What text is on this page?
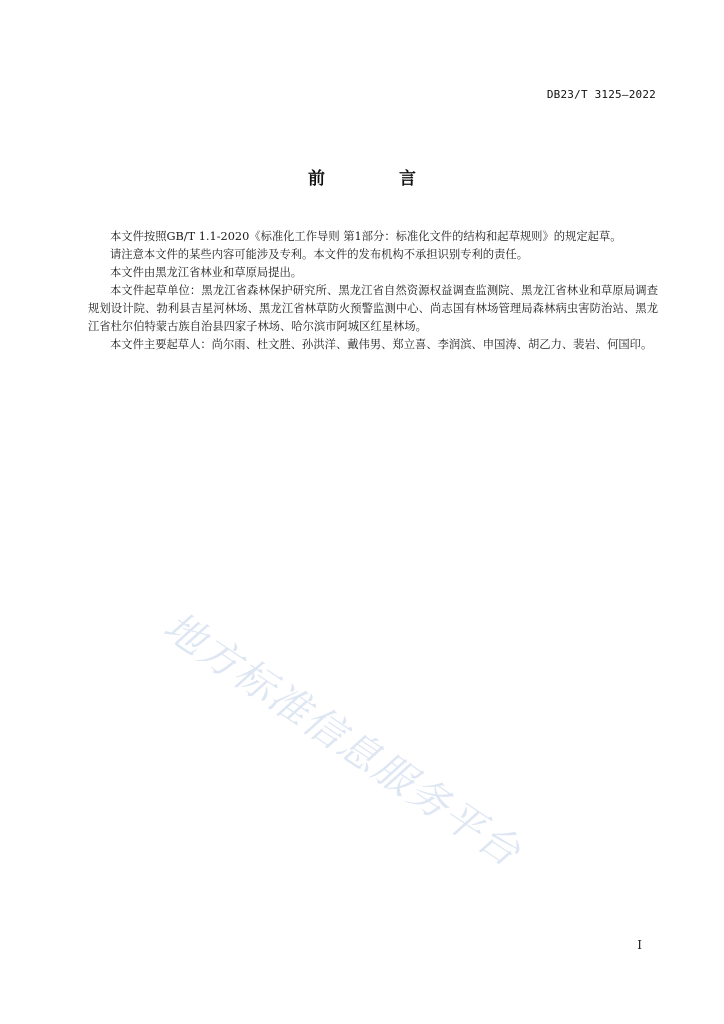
DB23/T 3125—2022
前 言

本文件按照GB/T 1.1-2020《标准化工作导则 第1部分：标准化文件的结构和起草规则》的规定起草。

请注意本文件的某些内容可能涉及专利。本文件的发布机构不承担识别专利的责任。

本文件由黑龙江省林业和草原局提出。

本文件起草单位：黑龙江省森林保护研究所、黑龙江省自然资源权益调查监测院、黑龙江省林业和草原局调查规划设计院、勃利县吉星河林场、黑龙江省林草防火预警监测中心、尚志国有林场管理局森林病虫害防治站、黑龙江省杜尔伯特蒙古族自治县四家子林场、哈尔滨市阿城区红星林场。

本文件主要起草人：尚尔雨、杜文胜、孙洪洋、戴伟男、郑立喜、李润滨、申国涛、胡乙力、裴岩、何国印。

地方标准信息服务平台
I
